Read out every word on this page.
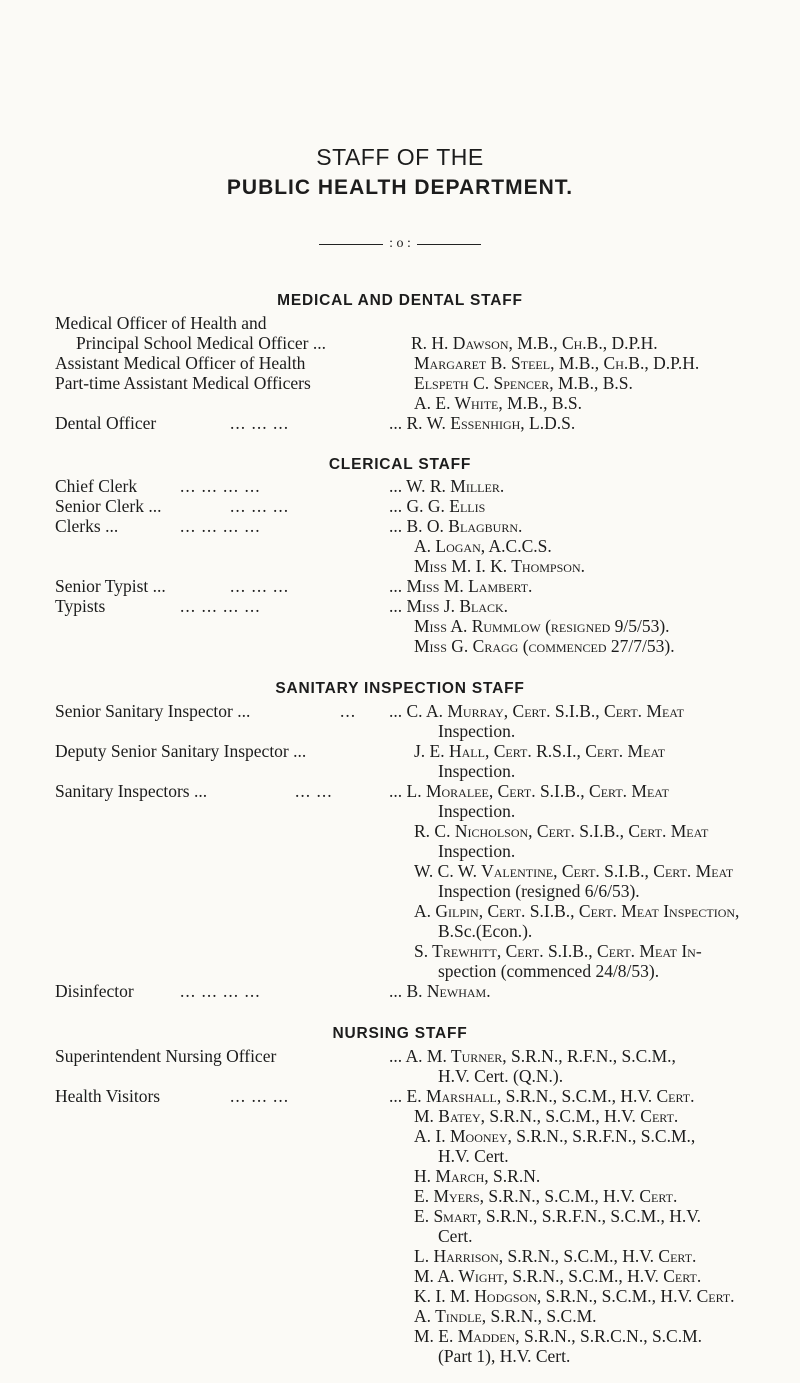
STAFF OF THE
PUBLIC HEALTH DEPARTMENT.
: o :
MEDICAL AND DENTAL STAFF
Medical Officer of Health and
Principal School Medical Officer ...	R. H. Dawson, M.B., Ch.B., D.P.H.
Assistant Medical Officer of Health	Margaret B. Steel, M.B., Ch.B., D.P.H.
Part-time Assistant Medical Officers	Elspeth C. Spencer, M.B., B.S.
A. E. White, M.B., B.S.
Dental Officer	... ... ...	... R. W. Essenhigh, L.D.S.
CLERICAL STAFF
Chief Clerk ... ... ... ...	... W. R. Miller.
Senior Clerk ...	... ... ...	... G. G. Ellis
Clerks ...	... ... ... ...	... B. O. Blagburn.
A. Logan, A.C.C.S.
Miss M. I. K. Thompson.
Senior Typist ...	... ... ...	... Miss M. Lambert.
Typists	... ... ... ...	... Miss J. Black.
Miss A. Rummlow (resigned 9/5/53).
Miss G. Cragg (commenced 27/7/53).
SANITARY INSPECTION STAFF
Senior Sanitary Inspector ...	... ... C. A. Murray, Cert. S.I.B., Cert. Meat
Inspection.
Deputy Senior Sanitary Inspector ...	J. E. Hall, Cert. R.S.I., Cert. Meat
Inspection.
Sanitary Inspectors ...	... ...	... L. Moralee, Cert. S.I.B., Cert. Meat
Inspection.
R. C. Nicholson, Cert. S.I.B., Cert. Meat
Inspection.
W. C. W. Valentine, Cert. S.I.B., Cert. Meat
Inspection (resigned 6/6/53).
A. Gilpin, Cert. S.I.B., Cert. Meat Inspection,
B.Sc.(Econ.).
S. Trewhitt, Cert. S.I.B., Cert. Meat In-
spection (commenced 24/8/53).
Disinfector	... ... ... ...	... B. Newham.
NURSING STAFF
Superintendent Nursing Officer	... A. M. Turner, S.R.N., R.F.N., S.C.M.,
H.V. Cert. (Q.N.).
Health Visitors	... ... ...	... E. Marshall, S.R.N., S.C.M., H.V. Cert.
M. Batey, S.R.N., S.C.M., H.V. Cert.
A. I. Mooney, S.R.N., S.R.F.N., S.C.M.,
H.V. Cert.
H. March, S.R.N.
E. Myers, S.R.N., S.C.M., H.V. Cert.
E. Smart, S.R.N., S.R.F.N., S.C.M., H.V.
Cert.
L. Harrison, S.R.N., S.C.M., H.V. Cert.
M. A. Wight, S.R.N., S.C.M., H.V. Cert.
K. I. M. Hodgson, S.R.N., S.C.M., H.V. Cert.
A. Tindle, S.R.N., S.C.M.
M. E. Madden, S.R.N., S.R.C.N., S.C.M.
(Part 1), H.V. Cert.
